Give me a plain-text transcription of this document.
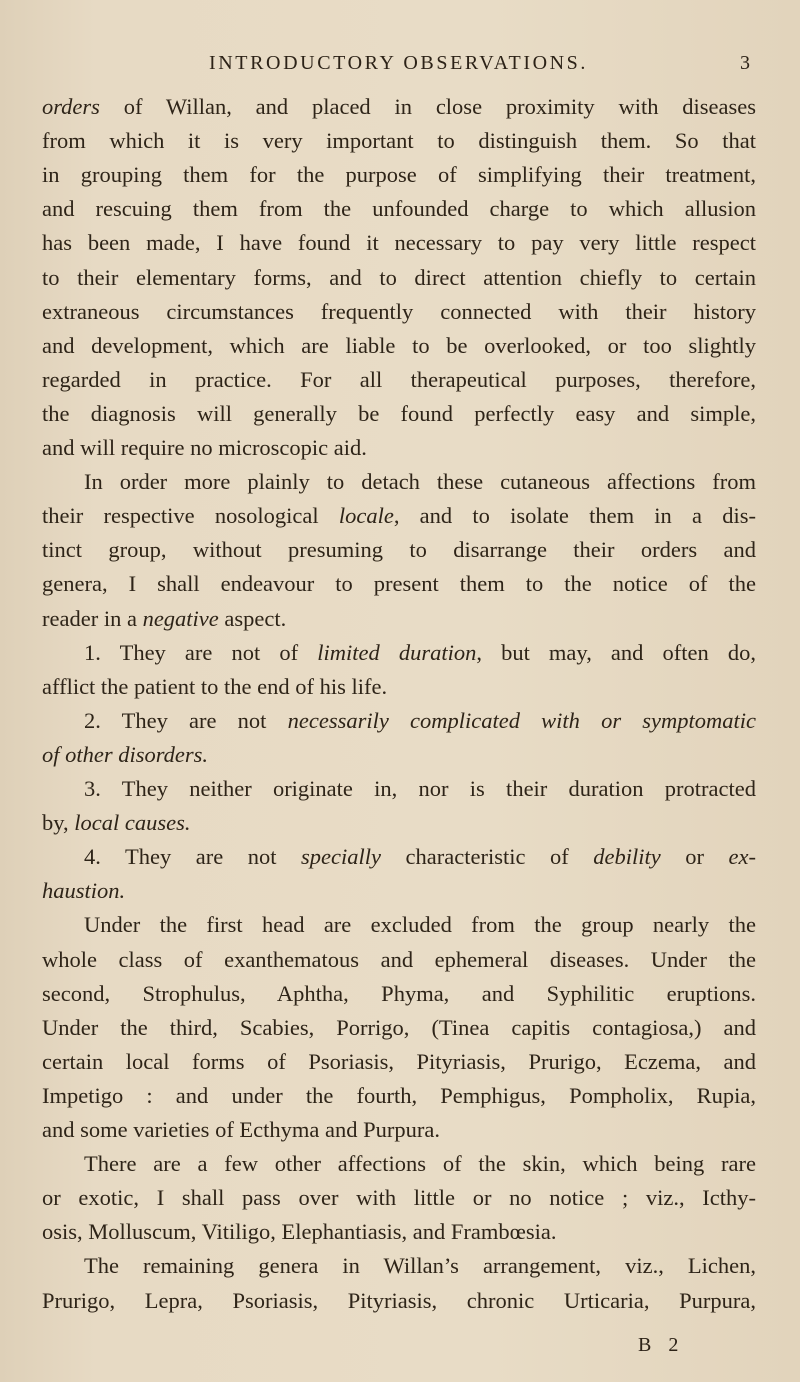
INTRODUCTORY OBSERVATIONS.	3
orders of Willan, and placed in close proximity with diseases
from which it is very important to distinguish them. So that
in grouping them for the purpose of simplifying their treatment,
and rescuing them from the unfounded charge to which allusion
has been made, I have found it necessary to pay very little respect
to their elementary forms, and to direct attention chiefly to certain
extraneous circumstances frequently connected with their history
and development, which are liable to be overlooked, or too slightly
regarded in practice. For all therapeutical purposes, therefore,
the diagnosis will generally be found perfectly easy and simple,
and will require no microscopic aid.
In order more plainly to detach these cutaneous affections from
their respective nosological locale, and to isolate them in a dis-
tinct group, without presuming to disarrange their orders and
genera, I shall endeavour to present them to the notice of the
reader in a negative aspect.
1. They are not of limited duration, but may, and often do,
afflict the patient to the end of his life.
2. They are not necessarily complicated with or symptomatic
of other disorders.
3. They neither originate in, nor is their duration protracted
by, local causes.
4. They are not specially characteristic of debility or ex-
haustion.
Under the first head are excluded from the group nearly the
whole class of exanthematous and ephemeral diseases. Under the
second, Strophulus, Aphtha, Phyma, and Syphilitic eruptions.
Under the third, Scabies, Porrigo, (Tinea capitis contagiosa,) and
certain local forms of Psoriasis, Pityriasis, Prurigo, Eczema, and
Impetigo : and under the fourth, Pemphigus, Pompholix, Rupia,
and some varieties of Ecthyma and Purpura.
There are a few other affections of the skin, which being rare
or exotic, I shall pass over with little or no notice ; viz., Icthy-
osis, Molluscum, Vitiligo, Elephantiasis, and Frambœsia.
The remaining genera in Willan’s arrangement, viz., Lichen,
Prurigo, Lepra, Psoriasis, Pityriasis, chronic Urticaria, Purpura,
B 2
